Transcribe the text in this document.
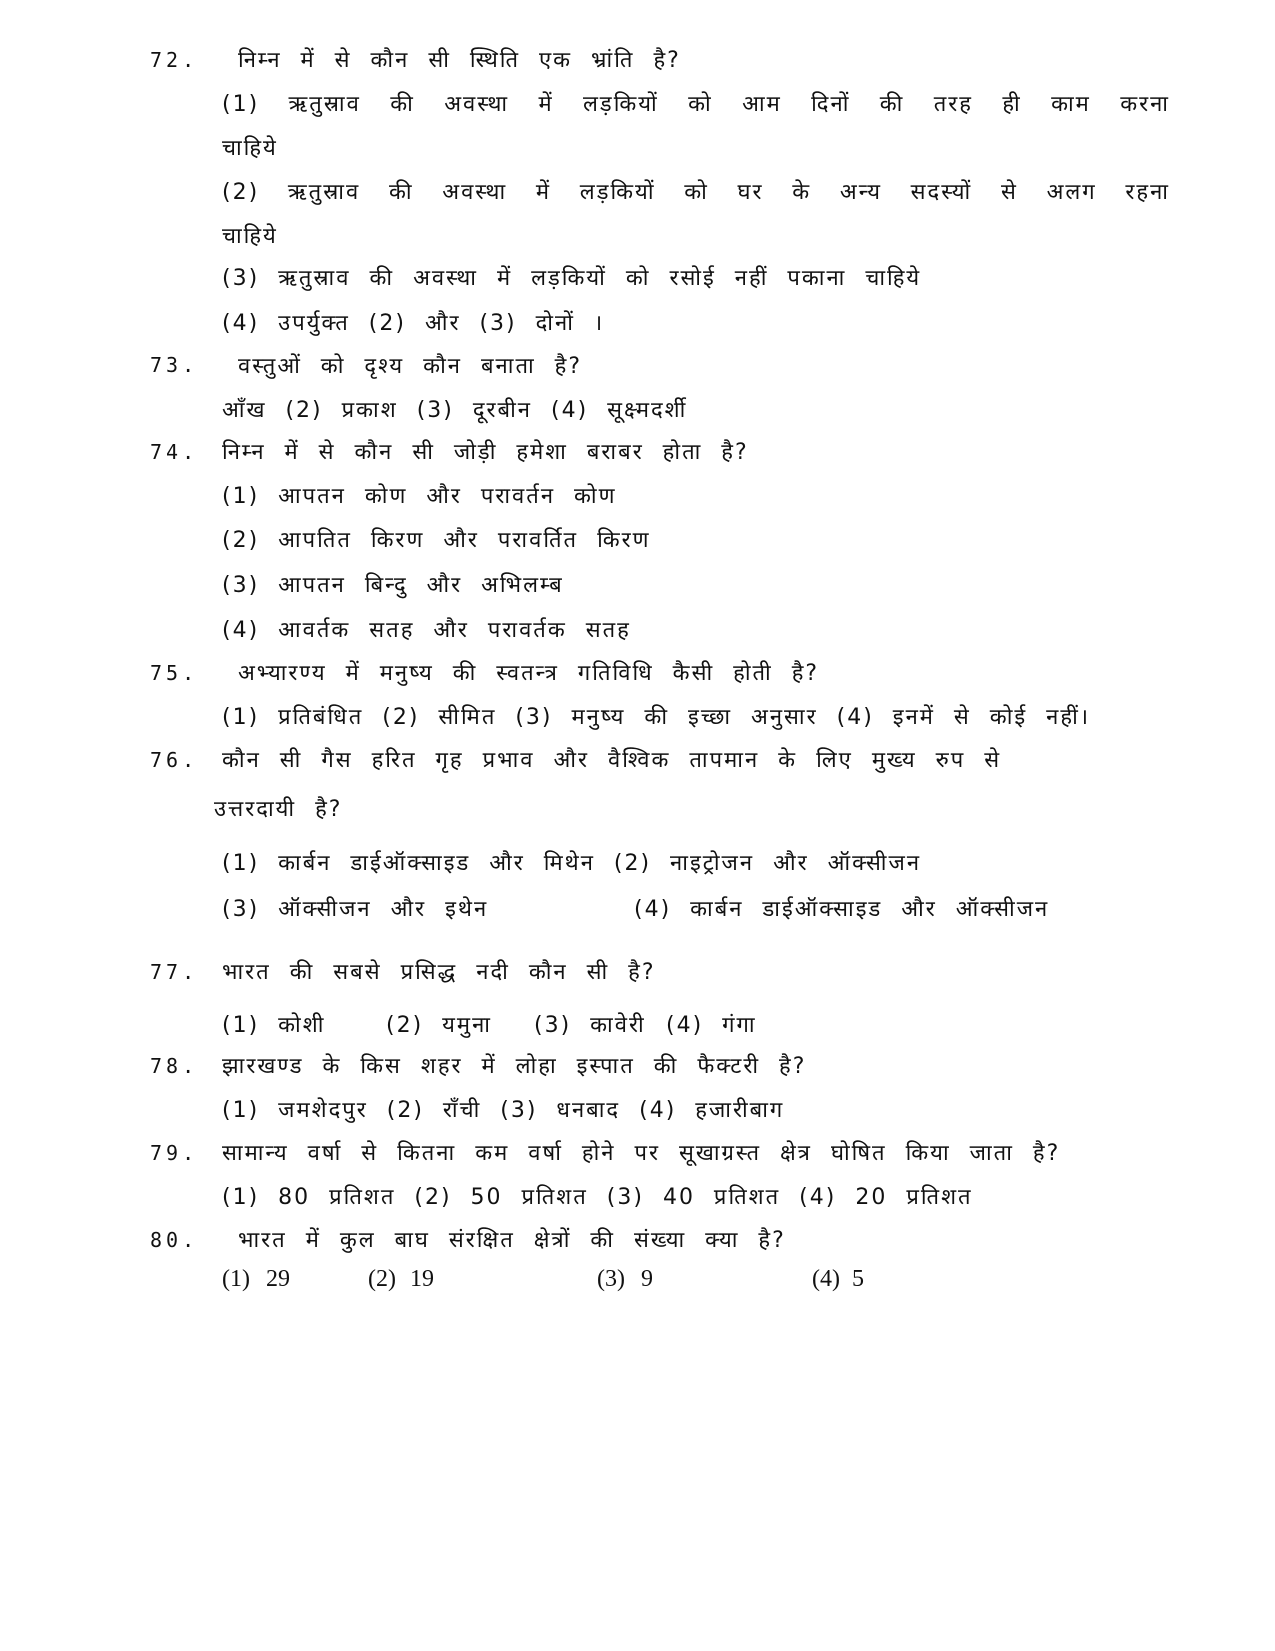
72. निम्न में से कौन सी स्थिति एक भ्रांति है?
(1) ऋतुस्राव की अवस्था में लड़कियों को आम दिनों की तरह ही काम करना
चाहिये
(2) ऋतुस्राव की अवस्था में लड़कियों को घर के अन्य सदस्यों से अलग रहना
चाहिये
(3) ऋतुस्राव की अवस्था में लड़कियों को रसोई नहीं पकाना चाहिये
(4) उपर्युक्त (2) और (3) दोनों ।
73. वस्तुओं को दृश्य कौन बनाता है?
आँख (2) प्रकाश (3) दूरबीन (4) सूक्ष्मदर्शी
74. निम्न में से कौन सी जोड़ी हमेशा बराबर होता है?
(1) आपतन कोण और परावर्तन कोण
(2) आपतित किरण और परावर्तित किरण
(3) आपतन बिन्दु और अभिलम्ब
(4) आवर्तक सतह और परावर्तक सतह
75. अभ्यारण्य में मनुष्य की स्वतन्त्र गतिविधि कैसी होती है?
(1) प्रतिबंधित (2) सीमित (3) मनुष्य की इच्छा अनुसार (4) इनमें से कोई नहीं।
76. कौन सी गैस हरित गृह प्रभाव और वैश्विक तापमान के लिए मुख्य रुप से
उत्तरदायी है?
(1) कार्बन डाईऑक्साइड और मिथेन (2) नाइट्रोजन और ऑक्सीजन
(3) ऑक्सीजन और इथेन	(4) कार्बन डाईऑक्साइड और ऑक्सीजन
77. भारत की सबसे प्रसिद्ध नदी कौन सी है?
(1) कोशी	(2) यमुना (3) कावेरी (4) गंगा
78. झारखण्ड के किस शहर में लोहा इस्पात की फैक्टरी है?
(1) जमशेदपुर (2) राँची (3) धनबाद (4) हजारीबाग
79. सामान्य वर्षा से कितना कम वर्षा होने पर सूखाग्रस्त क्षेत्र घोषित किया जाता है?
(1) 80 प्रतिशत (2) 50 प्रतिशत (3) 40 प्रतिशत (4) 20 प्रतिशत
80. भारत में कुल बाघ संरक्षित क्षेत्रों की संख्या क्या है?
(1) 29	(2) 19	(3) 9	(4) 5
